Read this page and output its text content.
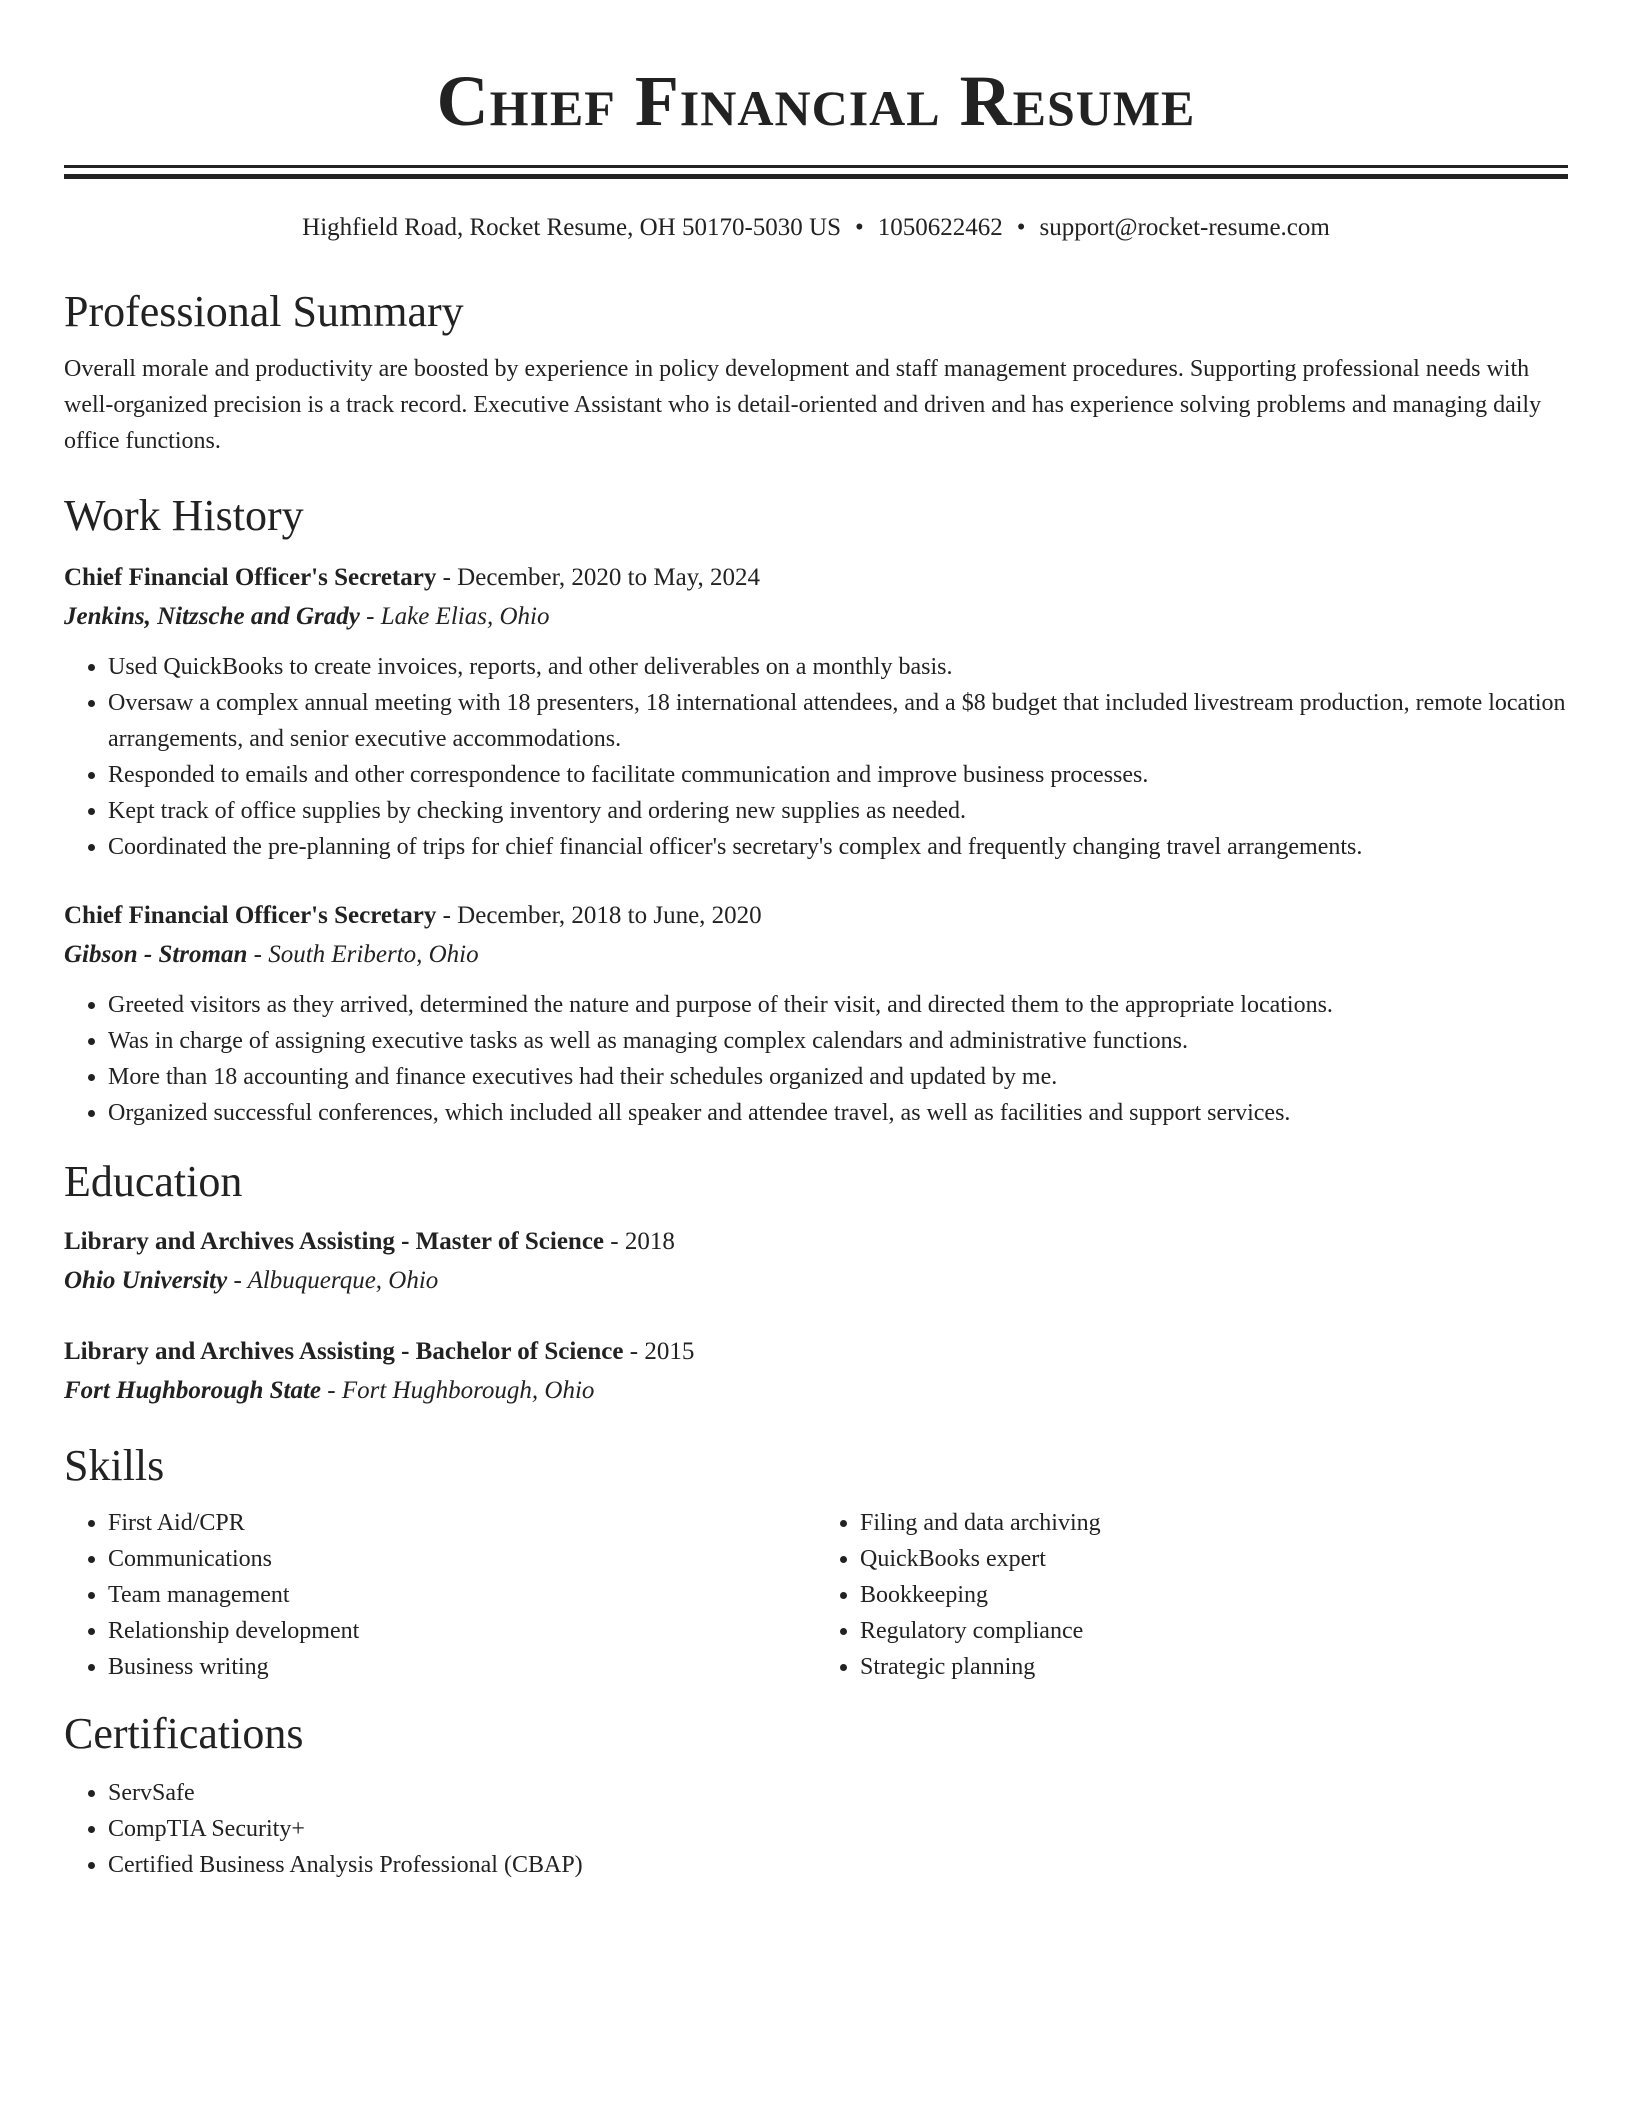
Chief Financial Resume
Highfield Road, Rocket Resume, OH 50170-5030 US • 1050622462 • support@rocket-resume.com
Professional Summary
Overall morale and productivity are boosted by experience in policy development and staff management procedures. Supporting professional needs with well-organized precision is a track record. Executive Assistant who is detail-oriented and driven and has experience solving problems and managing daily office functions.
Work History
Chief Financial Officer's Secretary - December, 2020 to May, 2024
Jenkins, Nitzsche and Grady - Lake Elias, Ohio
• Used QuickBooks to create invoices, reports, and other deliverables on a monthly basis.
• Oversaw a complex annual meeting with 18 presenters, 18 international attendees, and a $8 budget that included livestream production, remote location arrangements, and senior executive accommodations.
• Responded to emails and other correspondence to facilitate communication and improve business processes.
• Kept track of office supplies by checking inventory and ordering new supplies as needed.
• Coordinated the pre-planning of trips for chief financial officer's secretary's complex and frequently changing travel arrangements.
Chief Financial Officer's Secretary - December, 2018 to June, 2020
Gibson - Stroman - South Eriberto, Ohio
• Greeted visitors as they arrived, determined the nature and purpose of their visit, and directed them to the appropriate locations.
• Was in charge of assigning executive tasks as well as managing complex calendars and administrative functions.
• More than 18 accounting and finance executives had their schedules organized and updated by me.
• Organized successful conferences, which included all speaker and attendee travel, as well as facilities and support services.
Education
Library and Archives Assisting - Master of Science - 2018
Ohio University - Albuquerque, Ohio
Library and Archives Assisting - Bachelor of Science - 2015
Fort Hughborough State - Fort Hughborough, Ohio
Skills
• First Aid/CPR
• Communications
• Team management
• Relationship development
• Business writing
• Filing and data archiving
• QuickBooks expert
• Bookkeeping
• Regulatory compliance
• Strategic planning
Certifications
• ServSafe
• CompTIA Security+
• Certified Business Analysis Professional (CBAP)
